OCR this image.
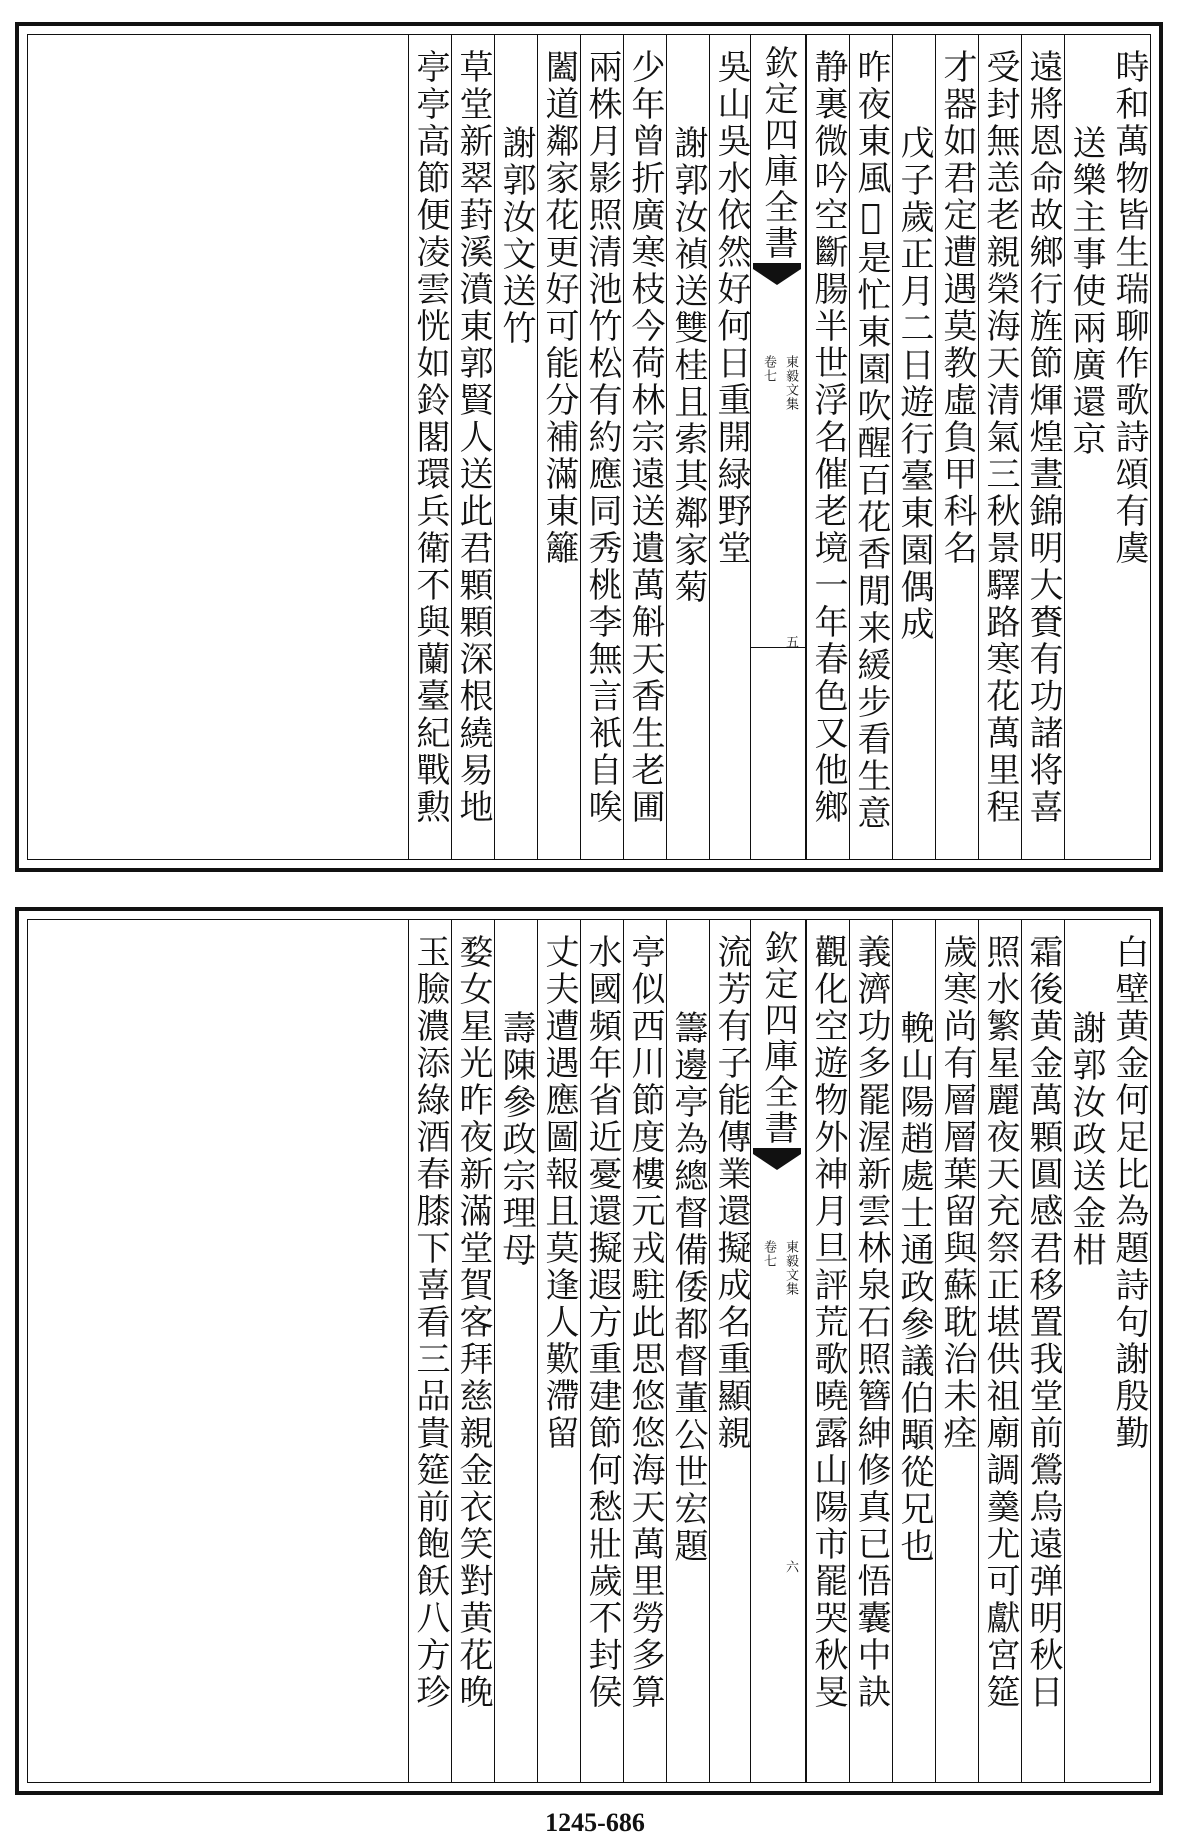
時和萬物皆生瑞聊作歌詩頌有虞
送樂主事使兩廣還京
遠將恩命故鄉行旌節煇煌晝錦明大賚有功諸将喜
受封無恙老親榮海天清氣三秋景驛路寒花萬里程
才器如君定遭遇莫教虛負甲科名
戊子歲正月二日遊行臺東園偶成
昨夜東風𢘥是忙東園吹醒百花香閒来緩步看生意
静裏微吟空斷腸半世浮名催老境一年春色又他鄉
欽定四庫全書
東毅文集
卷七
五
吳山吳水依然好何日重開緑野堂
謝郭汝禎送雙桂且索其鄰家菊
少年曾折廣寒枝今荷林宗遠送遺萬斛天香生老圃
兩株月影照清池竹松有約應同秀桃李無言衹自唉
闔道鄰家花更好可能分補滿東籬
謝郭汝文送竹
草堂新翠葑溪濆東郭賢人送此君顆顆深根繞易地
亭亭高節便凌雲恍如鈴閣環兵衛不與蘭臺紀戰勲
白壁黄金何足比為題詩句謝殷勤
謝郭汝政送金柑
霜後黄金萬顆圓感君移置我堂前鶯烏遠弹明秋日
照水繁星麗夜天充祭正堪供祖廟調羹尤可獻宮筵
歲寒尚有層層葉留與蘇耽治未痊
輓山陽趙處士通政參議伯顒從兄也
義濟功多罷渥新雲林泉石照簪紳修真已悟囊中訣
觀化空遊物外神月旦評荒歌曉露山陽市罷哭秋旻
欽定四庫全書
東毅文集
卷七
六
流芳有子能傳業還擬成名重顯親
籌邊亭為總督備倭都督董公世宏題
亭似西川節度樓元戎駐此思悠悠海天萬里勞多算
水國頻年省近憂還擬遐方重建節何愁壯歲不封侯
丈夫遭遇應圖報且莫逢人歎滯留
壽陳參政宗理母
婺女星光昨夜新滿堂賀客拜慈親金衣笑對黄花晚
玉臉濃添綠酒春膝下喜看三品貴筵前飽飫八方珍
1245-686
